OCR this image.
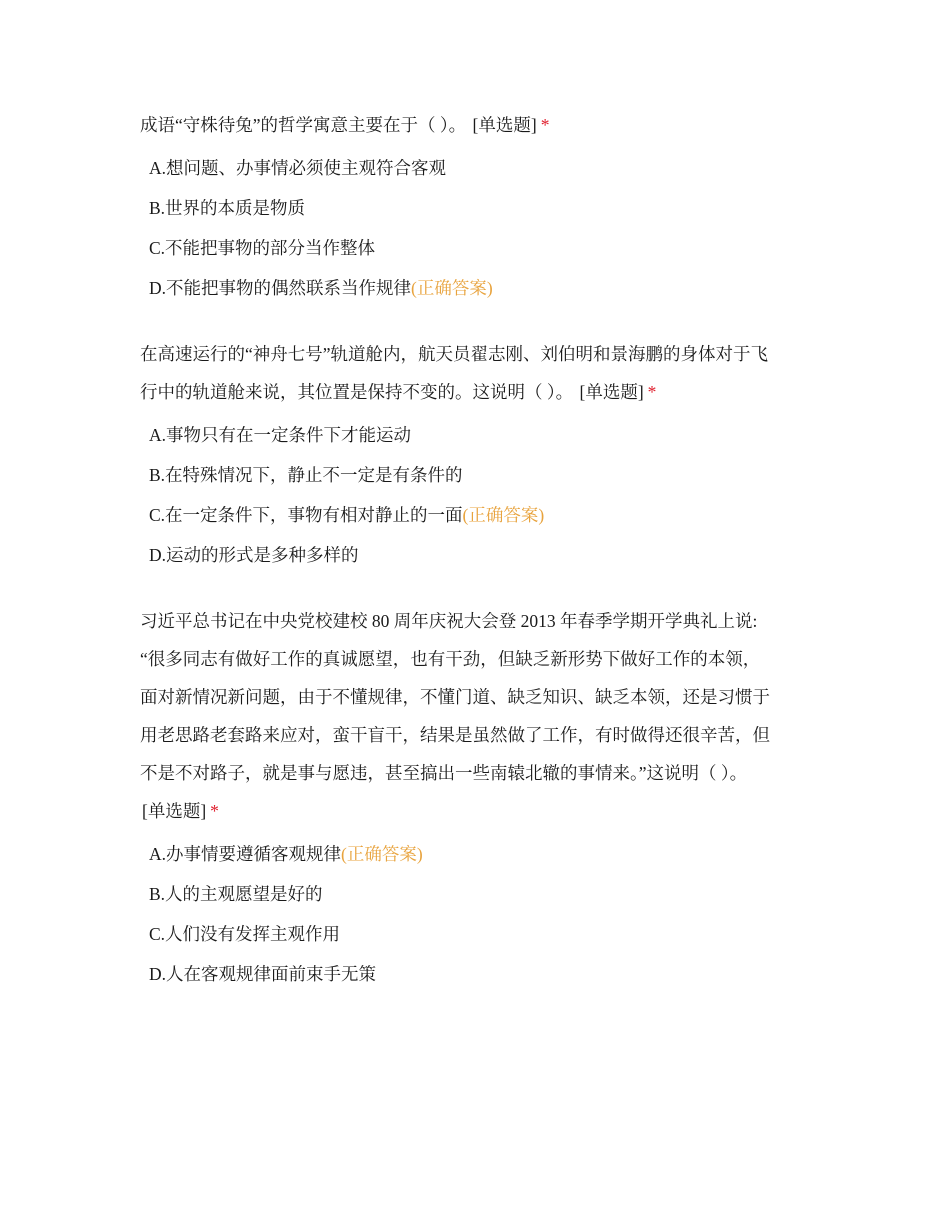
成语“守株待兔”的哲学寓意主要在于（ ）。 [单选题] *
A.想问题、办事情必须使主观符合客观
B.世界的本质是物质
C.不能把事物的部分当作整体
D.不能把事物的偶然联系当作规律(正确答案)
在高速运行的“神舟七号”轨道舱内，航天员翟志刚、刘伯明和景海鹏的身体对于飞
行中的轨道舱来说，其位置是保持不变的。这说明（ ）。 [单选题] *
A.事物只有在一定条件下才能运动
B.在特殊情况下，静止不一定是有条件的
C.在一定条件下，事物有相对静止的一面(正确答案)
D.运动的形式是多种多样的
习近平总书记在中央党校建校 80 周年庆祝大会登 2013 年春季学期开学典礼上说:
“很多同志有做好工作的真诚愿望，也有干劲，但缺乏新形势下做好工作的本领，
面对新情况新问题，由于不懂规律，不懂门道、缺乏知识、缺乏本领，还是习惯于
用老思路老套路来应对，蛮干盲干，结果是虽然做了工作，有时做得还很辛苦，但
不是不对路子，就是事与愿违，甚至搞出一些南辕北辙的事情来。”这说明（ ）。
[单选题] *
A.办事情要遵循客观规律(正确答案)
B.人的主观愿望是好的
C.人们没有发挥主观作用
D.人在客观规律面前束手无策
